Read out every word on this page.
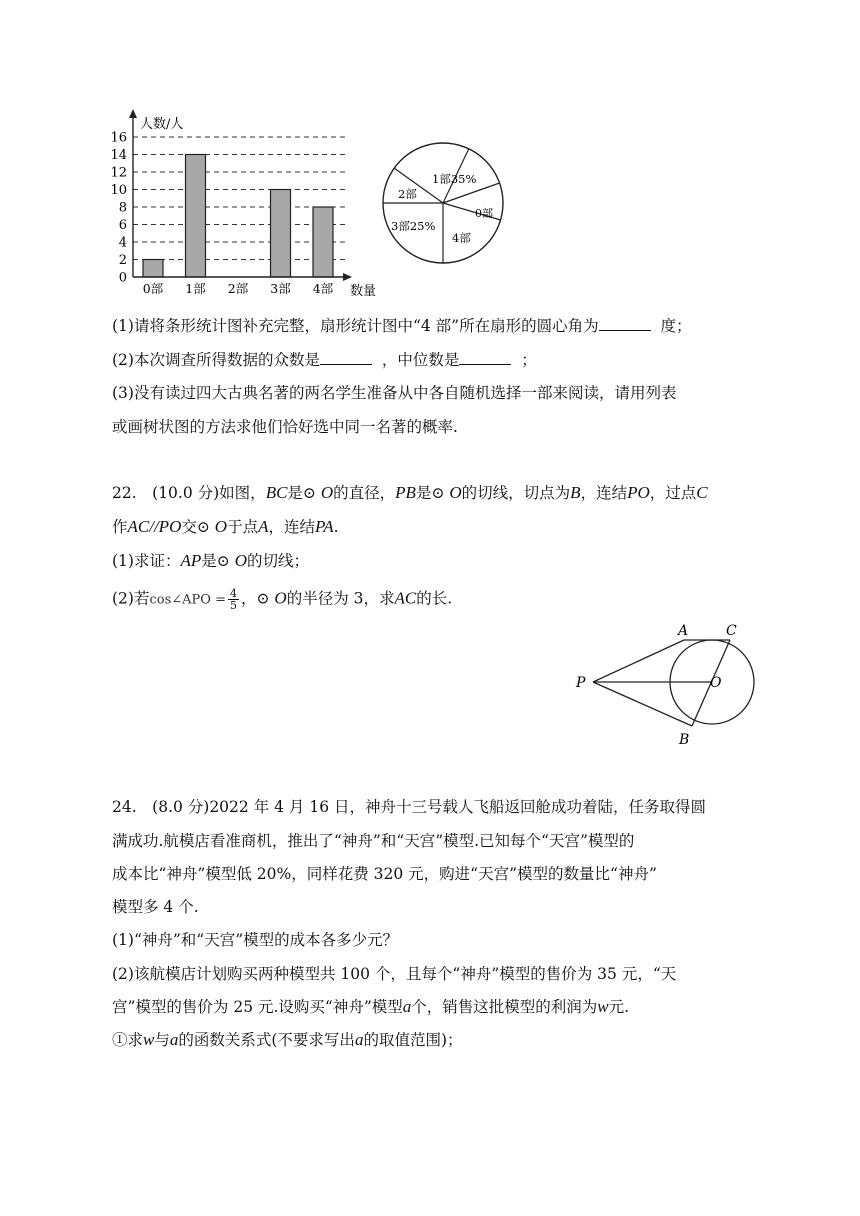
0
2
4
6
8
10
12
14
16
0部 1部 2部 3部 4部
人数/人
数量
1部35%
2部
3部25%
4部
0部
(1)请将条形统计图补充完整，扇形统计图中“4 部”所在扇形的圆心角为	度；
(2)本次调查所得数据的众数是	，中位数是	；
(3)没有读过四大古典名著的两名学生准备从中各自随机选择一部来阅读，请用列表
或画树状图的方法求他们恰好选中同一名著的概率.
22.　(10.0 分)如图，BC是⊙ O的直径，PB是⊙ O的切线，切点为B，连结PO，过点C
作AC//PO交⊙ O于点A，连结PA.
(1)求证：AP是⊙ O的切线；
(2)若cos∠APO = $\frac{4}{5}$ ，⊙ O的半径为 3，求AC的长.
A	C
P	O
B
24.　(8.0 分)2022 年 4 月 16 日，神舟十三号载人飞船返回舱成功着陆，任务取得圆
满成功.航模店看准商机，推出了“神舟”和“天宫”模型.已知每个“天宫”模型的
成本比“神舟”模型低 20%，同样花费 320 元，购进“天宫”模型的数量比“神舟”
模型多 4 个.
(1)“神舟”和“天宫”模型的成本各多少元？
(2)该航模店计划购买两种模型共 100 个，且每个“神舟”模型的售价为 35 元，“天
宫”模型的售价为 25 元.设购买“神舟”模型a个，销售这批模型的利润为w元.
①求w与a的函数关系式(不要求写出a的取值范围)；
